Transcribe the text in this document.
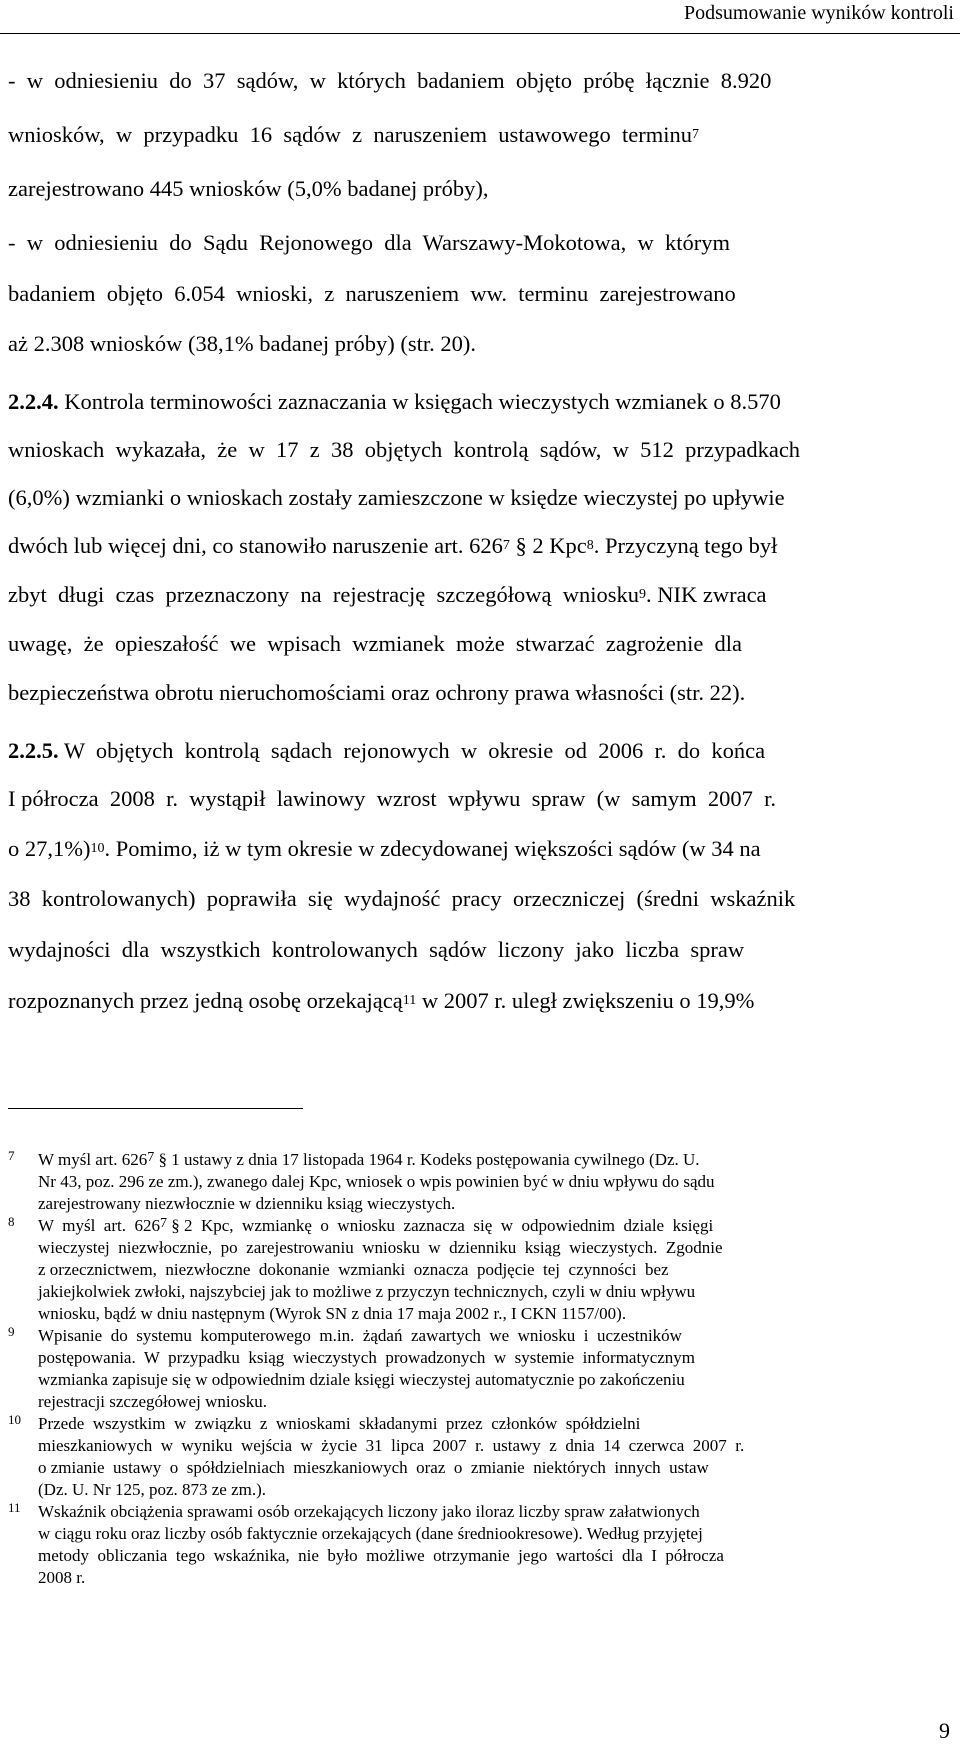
Podsumowanie wyników kontroli
-  w  odniesieniu  do  37  sądów,  w  których  badaniem  objęto  próbę  łącznie  8.920
wniosków,  w  przypadku  16  sądów  z  naruszeniem  ustawowego  terminu$^7$
zarejestrowano 445 wniosków (5,0% badanej próby),
-  w  odniesieniu  do  Sądu  Rejonowego  dla  Warszawy-Mokotowa,  w  którym
badaniem  objęto  6.054  wnioski,  z  naruszeniem  ww.  terminu  zarejestrowano
aż 2.308 wniosków (38,1% badanej próby) (str. 20).
2.2.4. Kontrola terminowości zaznaczania w księgach wieczystych wzmianek o 8.570
wnioskach  wykazała,  że  w  17  z  38  objętych  kontrolą  sądów,  w  512  przypadkach
(6,0%) wzmianki o wnioskach zostały zamieszczone w księdze wieczystej po upływie
dwóch lub więcej dni, co stanowiło naruszenie art. $626^7$ § 2 Kpc$^8$. Przyczyną tego był
zbyt  długi  czas  przeznaczony  na  rejestrację  szczegółową  wniosku$^9$. NIK zwraca
uwagę,  że  opieszałość  we  wpisach  wzmianek  może  stwarzać  zagrożenie  dla
bezpieczeństwa obrotu nieruchomościami oraz ochrony prawa własności (str. 22).
2.2.5. W  objętych  kontrolą  sądach  rejonowych  w  okresie  od  2006  r.  do  końca
I półrocza  2008  r.  wystąpił  lawinowy  wzrost  wpływu  spraw  (w  samym  2007  r.
o 27,1%)$^{10}$. Pomimo, iż w tym okresie w zdecydowanej większości sądów (w 34 na
38  kontrolowanych)  poprawiła  się  wydajność  pracy  orzeczniczej  (średni  wskaźnik
wydajności  dla  wszystkich  kontrolowanych  sądów  liczony  jako  liczba  spraw
rozpoznanych przez jedną osobę orzekającą$^{11}$ w 2007 r. uległ zwiększeniu o 19,9%
7 W myśl art. $626^7$ § 1 ustawy z dnia 17 listopada 1964 r. Kodeks postępowania cywilnego (Dz. U.
Nr 43, poz. 296 ze zm.), zwanego dalej Kpc, wniosek o wpis powinien być w dniu wpływu do sądu
zarejestrowany niezwłocznie w dzienniku ksiąg wieczystych.
8 W  myśl  art.  $626^7$ § 2  Kpc,  wzmiankę  o  wniosku  zaznacza  się  w  odpowiednim  dziale  księgi
wieczystej  niezwłocznie,  po  zarejestrowaniu  wniosku  w  dzienniku  ksiąg  wieczystych.  Zgodnie
z orzecznictwem,  niezwłoczne  dokonanie  wzmianki  oznacza  podjęcie  tej  czynności  bez
jakiejkolwiek zwłoki, najszybciej jak to możliwe z przyczyn technicznych, czyli w dniu wpływu
wniosku, bądź w dniu następnym (Wyrok SN z dnia 17 maja 2002 r., I CKN 1157/00).
9 Wpisanie  do  systemu  komputerowego  m.in.  żądań  zawartych  we  wniosku  i  uczestników
postępowania.  W  przypadku  ksiąg  wieczystych  prowadzonych  w  systemie  informatycznym
wzmianka zapisuje się w odpowiednim dziale księgi wieczystej automatycznie po zakończeniu
rejestracji szczegółowej wniosku.
10 Przede  wszystkim  w  związku  z  wnioskami  składanymi  przez  członków  spółdzielni
mieszkaniowych  w  wyniku  wejścia  w  życie  31  lipca  2007  r.  ustawy  z  dnia  14  czerwca  2007  r.
o zmianie  ustawy  o  spółdzielniach  mieszkaniowych  oraz  o  zmianie  niektórych  innych  ustaw
(Dz. U. Nr 125, poz. 873 ze zm.).
11 Wskaźnik obciążenia sprawami osób orzekających liczony jako iloraz liczby spraw załatwionych
w ciągu roku oraz liczby osób faktycznie orzekających (dane średniookresowe). Według przyjętej
metody  obliczania  tego  wskaźnika,  nie  było  możliwe  otrzymanie  jego  wartości  dla  I  półrocza
2008 r.
9
